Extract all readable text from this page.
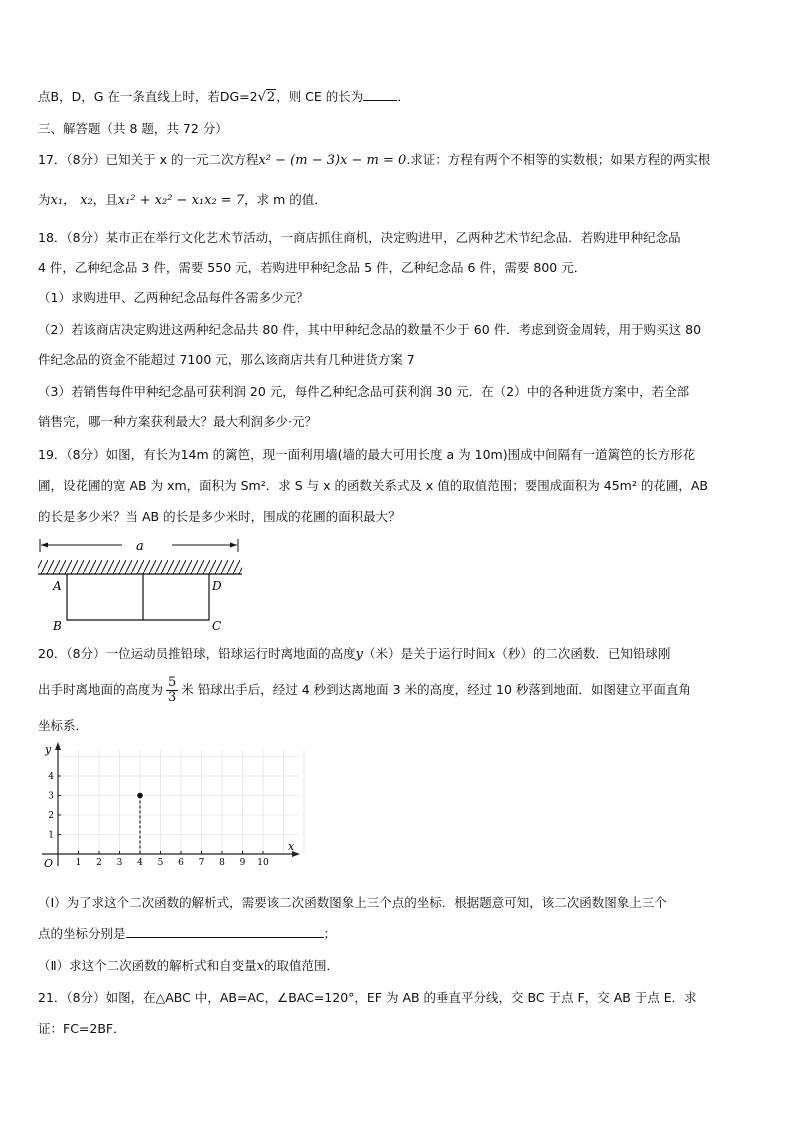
点B，D，G 在一条直线上时，若DG=2√2，则 CE 的长为	．
三、解答题（共 8 题，共 72 分）
17．（8分）已知关于 x 的一元二次方程x² − (m − 3)x − m = 0.求证：方程有两个不相等的实数根；如果方程的两实根
为x₁， x₂，且x₁² + x₂² − x₁x₂ = 7，求 m 的值．
18．（8分）某市正在举行文化艺术节活动，一商店抓住商机，决定购进甲，乙两种艺术节纪念品．若购进甲种纪念品
4 件，乙种纪念品 3 件，需要 550 元，若购进甲种纪念品 5 件，乙种纪念品 6 件，需要 800 元．
（1）求购进甲、乙两种纪念品每件各需多少元？
（2）若该商店决定购进这两种纪念品共 80 件，其中甲种纪念品的数量不少于 60 件．考虑到资金周转，用于购买这 80
件纪念品的资金不能超过 7100 元，那么该商店共有几种进货方案 7
（3）若销售每件甲种纪念晶可获利润 20 元，每件乙种纪念品可获利润 30 元．在（2）中的各种进货方案中，若全部
销售完，哪一种方案获利最大？最大利润多少·元？
19．（8分）如图，有长为14m 的篱笆，现一面利用墙(墙的最大可用长度 a 为 10m)围成中间隔有一道篱笆的长方形花
圃，设花圃的宽 AB 为 xm，面积为 Sm²．求 S 与 x 的函数关系式及 x 值的取值范围；要围成面积为 45m² 的花圃，AB
的长是多少米？当 AB 的长是多少米时，围成的花圃的面积最大？
a
A	D
B	C
20．（8分）一位运动员推铅球，铅球运行时离地面的高度y（米）是关于运行时间x（秒）的二次函数．已知铅球刚
出手时离地面的高度为 $\frac{5}{3}$ 米 铅球出手后，经过 4 秒到达离地面 3 米的高度，经过 10 秒落到地面．如图建立平面直角
坐标系．
x
y
O	1 2 3 4 5 6 7 8 9 10
1
2
3
4
（Ⅰ）为了求这个二次函数的解析式，需要该二次函数图象上三个点的坐标．根据题意可知，该二次函数图象上三个
点的坐标分别是	；
（Ⅱ）求这个二次函数的解析式和自变量x的取值范围．
21．（8分）如图，在△ABC 中，AB=AC，∠BAC=120°，EF 为 AB 的垂直平分线，交 BC 于点 F，交 AB 于点 E．求
证：FC=2BF．
